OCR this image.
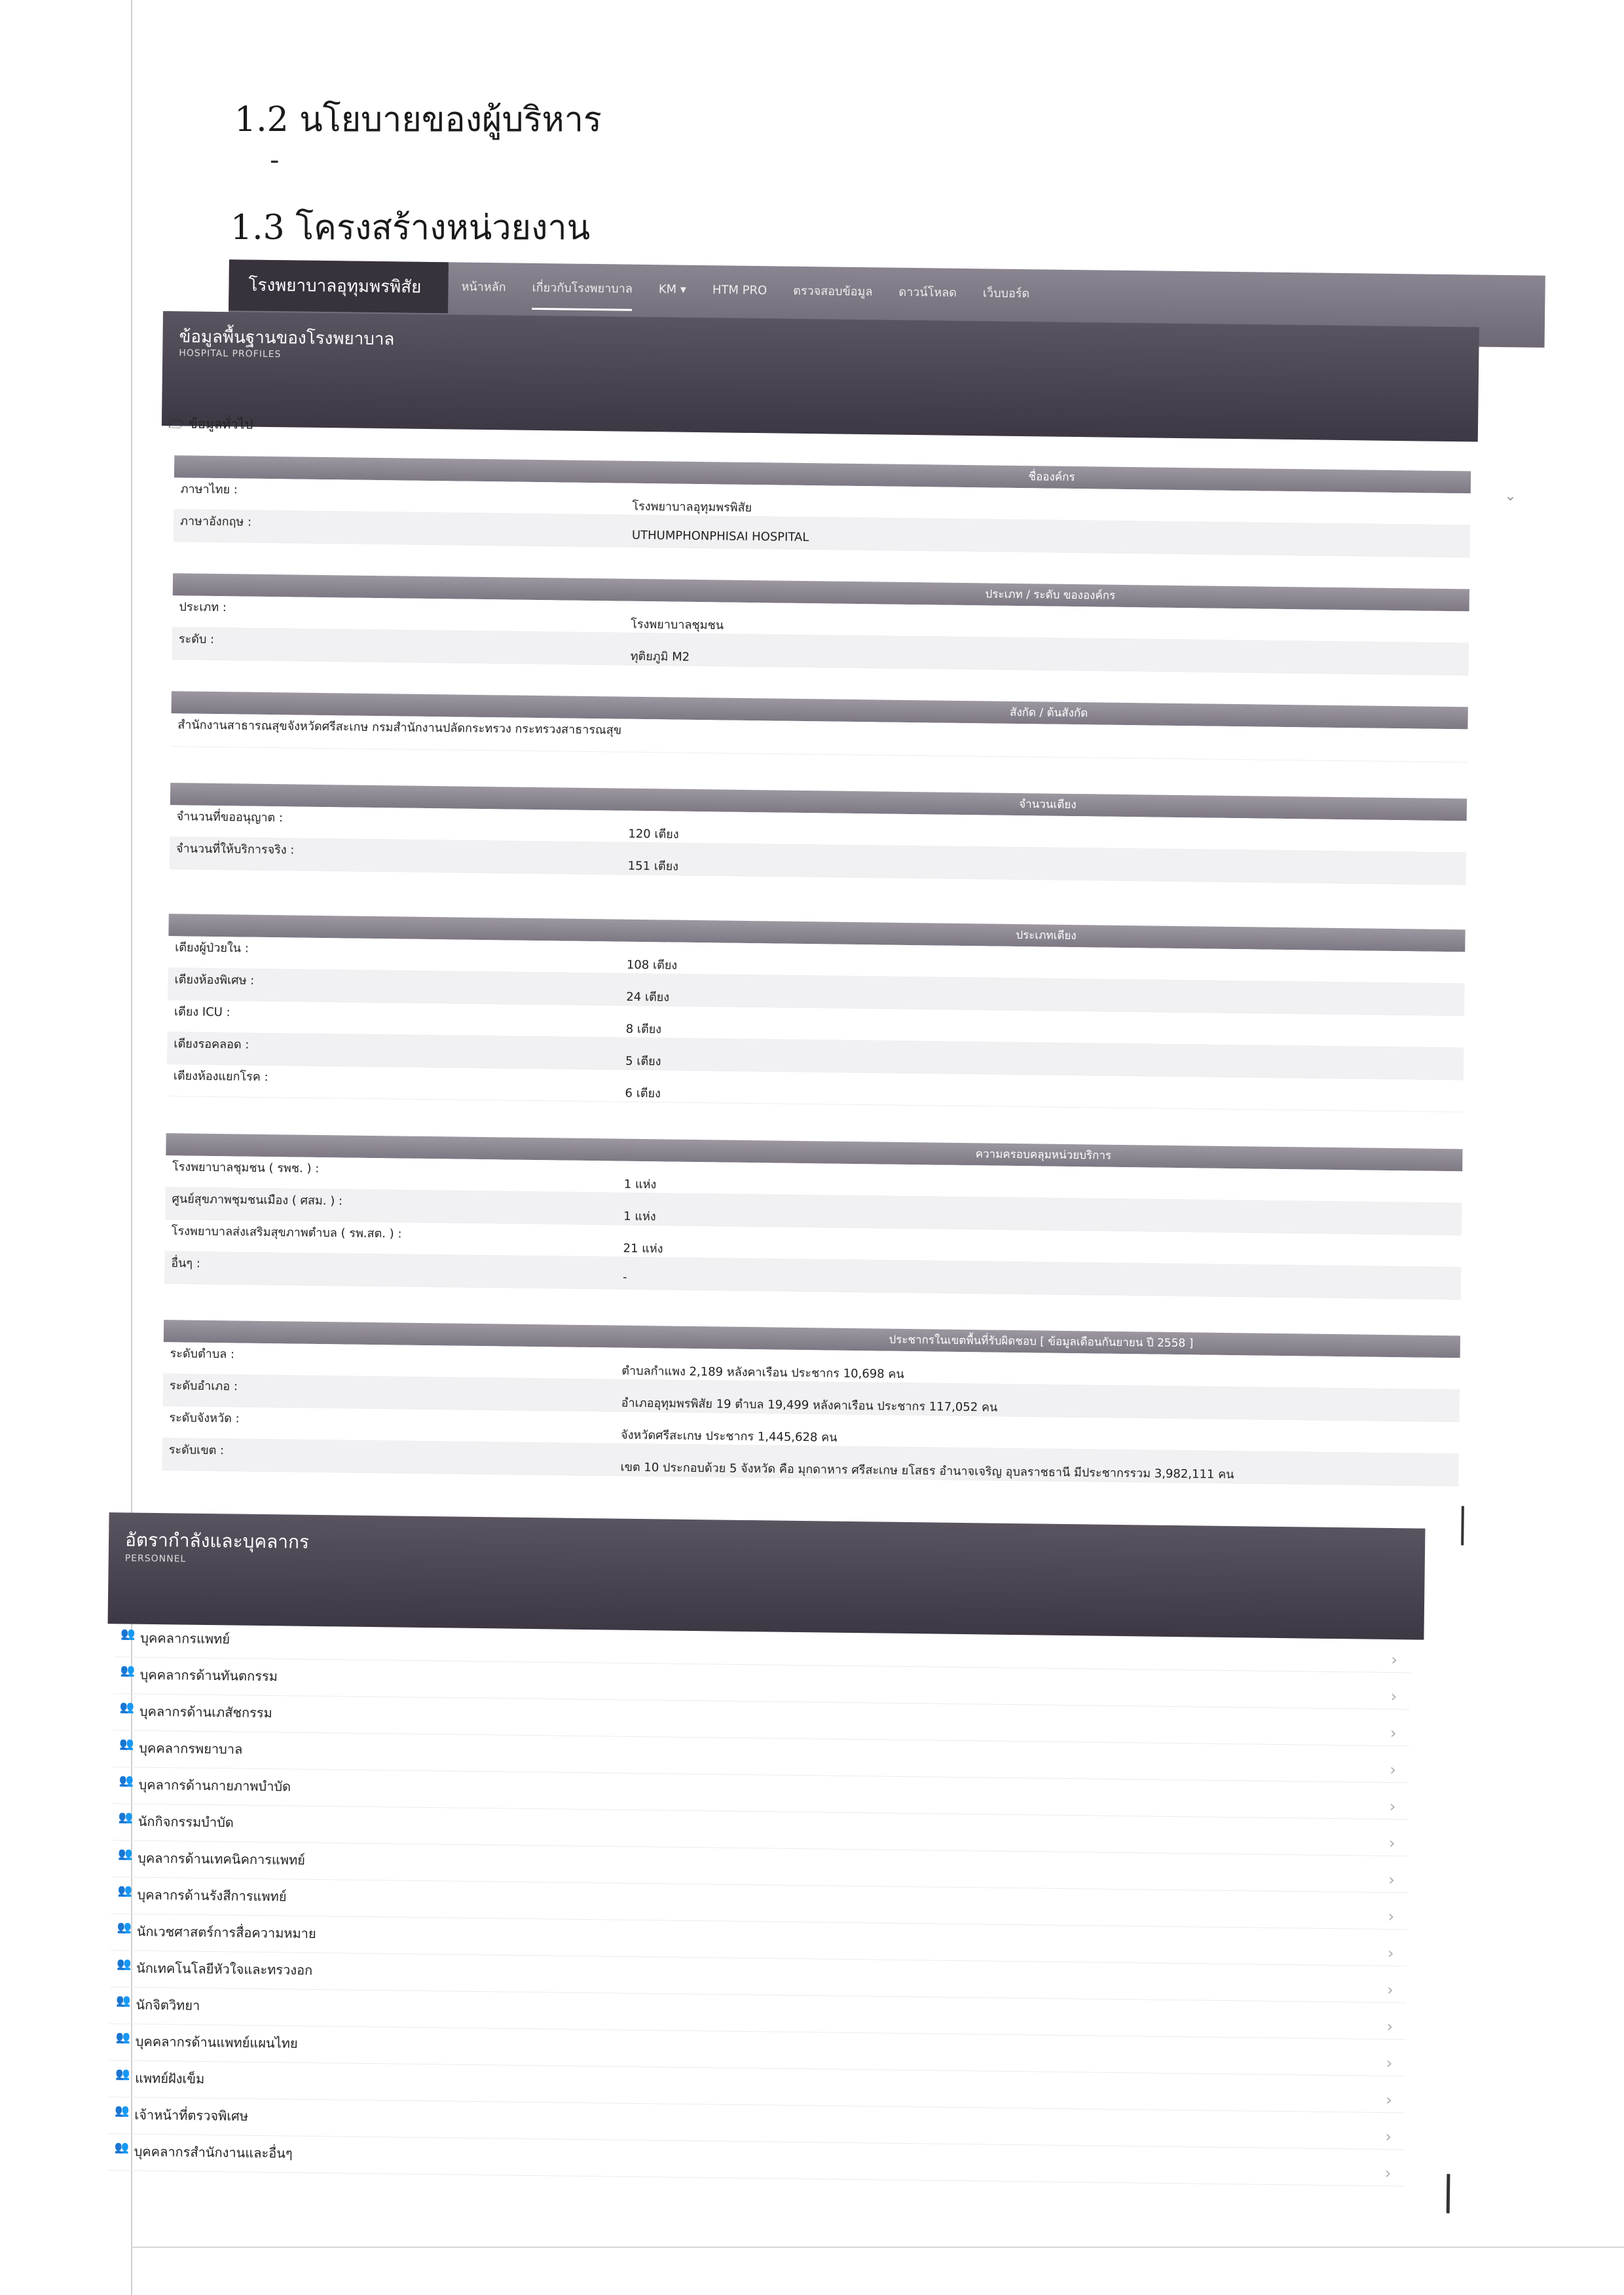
1.2 นโยบายของผู้บริหาร
-
1.3 โครงสร้างหน่วยงาน
โรงพยาบาลอุทุมพรพิสัย	หน้าหลัก เกี่ยวกับโรงพยาบาล KM ▾ HTM PRO ตรวจสอบข้อมูล ดาวน์โหลด เว็บบอร์ด
ข้อมูลพื้นฐานของโรงพยาบาล
HOSPITAL PROFILES
🗁 ข้อมูลทั่วไป
⌄
ชื่อองค์กร
ภาษาไทย :
โรงพยาบาลอุทุมพรพิสัย
ภาษาอังกฤษ :
UTHUMPHONPHISAI HOSPITAL
ประเภท / ระดับ ขององค์กร
ประเภท :
โรงพยาบาลชุมชน
ระดับ :
ทุติยภูมิ M2
สังกัด / ต้นสังกัด
สำนักงานสาธารณสุขจังหวัดศรีสะเกษ กรมสำนักงานปลัดกระทรวง กระทรวงสาธารณสุข
จำนวนเตียง
จำนวนที่ขออนุญาต :
120 เตียง
จำนวนที่ให้บริการจริง :
151 เตียง
ประเภทเตียง
เตียงผู้ป่วยใน :
108 เตียง
เตียงห้องพิเศษ :
24 เตียง
เตียง ICU :
8 เตียง
เตียงรอคลอด :
5 เตียง
เตียงห้องแยกโรค :
6 เตียง
ความครอบคลุมหน่วยบริการ
โรงพยาบาลชุมชน ( รพช. ) :
1 แห่ง
ศูนย์สุขภาพชุมชนเมือง ( ศสม. ) :
1 แห่ง
โรงพยาบาลส่งเสริมสุขภาพตำบล ( รพ.สต. ) :
21 แห่ง
อื่นๆ :
-
ประชากรในเขตพื้นที่รับผิดชอบ [ ข้อมูลเดือนกันยายน ปี 2558 ]
ระดับตำบล :
ตำบลกำแพง 2,189 หลังคาเรือน ประชากร 10,698 คน
ระดับอำเภอ :
อำเภออุทุมพรพิสัย 19 ตำบล 19,499 หลังคาเรือน ประชากร 117,052 คน
ระดับจังหวัด :
จังหวัดศรีสะเกษ ประชากร 1,445,628 คน
ระดับเขต :
เขต 10 ประกอบด้วย 5 จังหวัด คือ มุกดาหาร ศรีสะเกษ ยโสธร อำนาจเจริญ อุบลราชธานี มีประชากรรวม 3,982,111 คน
อัตรากำลังและบุคลากร
PERSONNEL
👥 บุคคลากรแพทย์
›
👥 บุคคลากรด้านทันตกรรม
›
👥 บุคลากรด้านเภสัชกรรม
›
👥 บุคคลากรพยาบาล
›
👥 บุคลากรด้านกายภาพบำบัด
›
👥 นักกิจกรรมบำบัด
›
👥 บุคลากรด้านเทคนิคการแพทย์
›
👥 บุคลากรด้านรังสีการแพทย์
›
👥 นักเวชศาสตร์การสื่อความหมาย
›
👥 นักเทคโนโลยีหัวใจและทรวงอก
›
👥 นักจิตวิทยา
›
👥 บุคคลากรด้านแพทย์แผนไทย
›
👥 แพทย์ฝังเข็ม
›
👥 เจ้าหน้าที่ตรวจพิเศษ
›
👥 บุคคลากรสำนักงานและอื่นๆ
›
